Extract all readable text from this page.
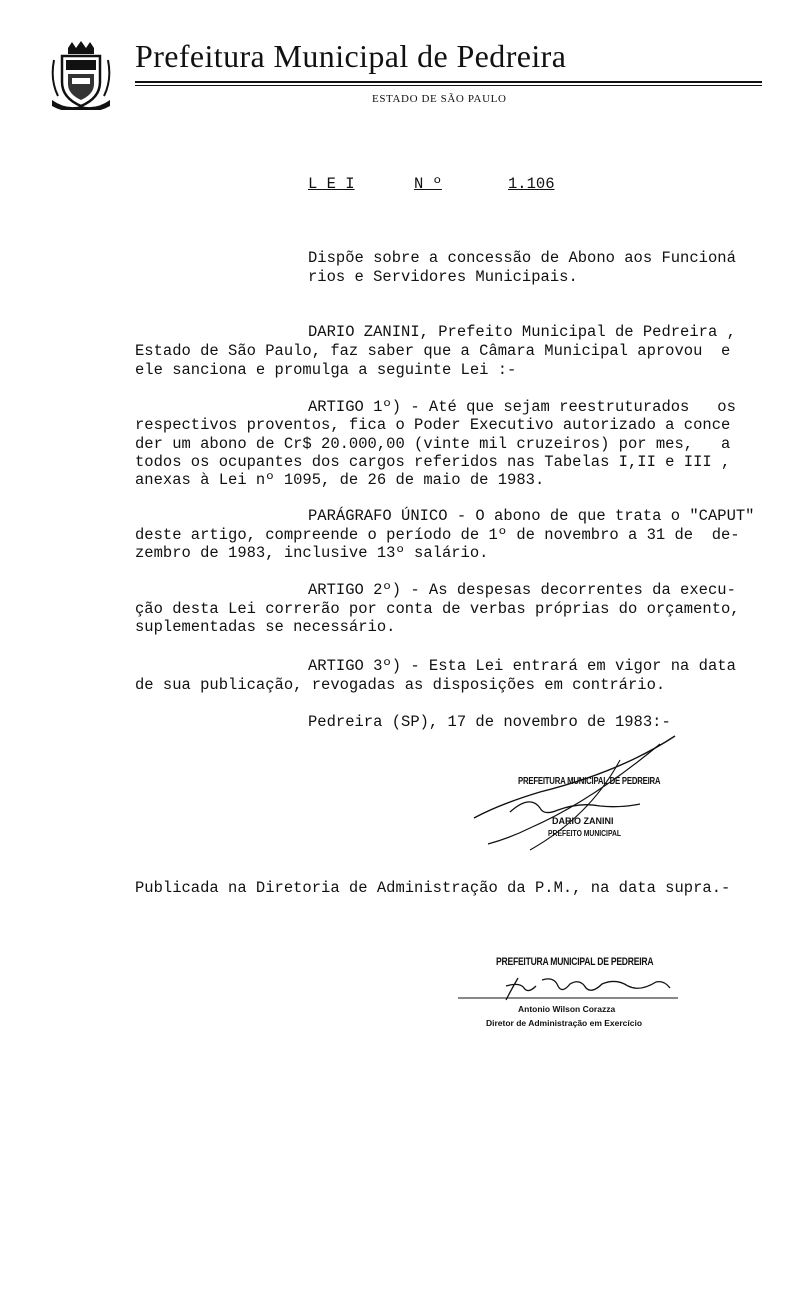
Prefeitura Municipal de Pedreira
ESTADO DE SÃO PAULO
L E I	N º	1.106
Dispõe sobre a concessão de Abono aos Funcioná
rios e Servidores Municipais.
DARIO ZANINI, Prefeito Municipal de Pedreira ,
Estado de São Paulo, faz saber que a Câmara Municipal aprovou  e
ele sanciona e promulga a seguinte Lei :-
ARTIGO 1º) - Até que sejam reestruturados   os
respectivos proventos, fica o Poder Executivo autorizado a conce
der um abono de Cr$ 20.000,00 (vinte mil cruzeiros) por mes,   a
todos os ocupantes dos cargos referidos nas Tabelas I,II e III ,
anexas à Lei nº 1095, de 26 de maio de 1983.
PARÁGRAFO ÚNICO - O abono de que trata o "CAPUT"
deste artigo, compreende o período de 1º de novembro a 31 de  de-
zembro de 1983, inclusive 13º salário.
ARTIGO 2º) - As despesas decorrentes da execu-
ção desta Lei correrão por conta de verbas próprias do orçamento,
suplementadas se necessário.
ARTIGO 3º) - Esta Lei entrará em vigor na data
de sua publicação, revogadas as disposições em contrário.
Pedreira (SP), 17 de novembro de 1983:-
PREFEITURA MUNICIPAL DE PEDREIRA
DARIO ZANINI
PREFEITO MUNICIPAL
Publicada na Diretoria de Administração da P.M., na data supra.-
PREFEITURA MUNICIPAL DE PEDREIRA
Antonio Wilson Corazza
Diretor de Administração em Exercício
